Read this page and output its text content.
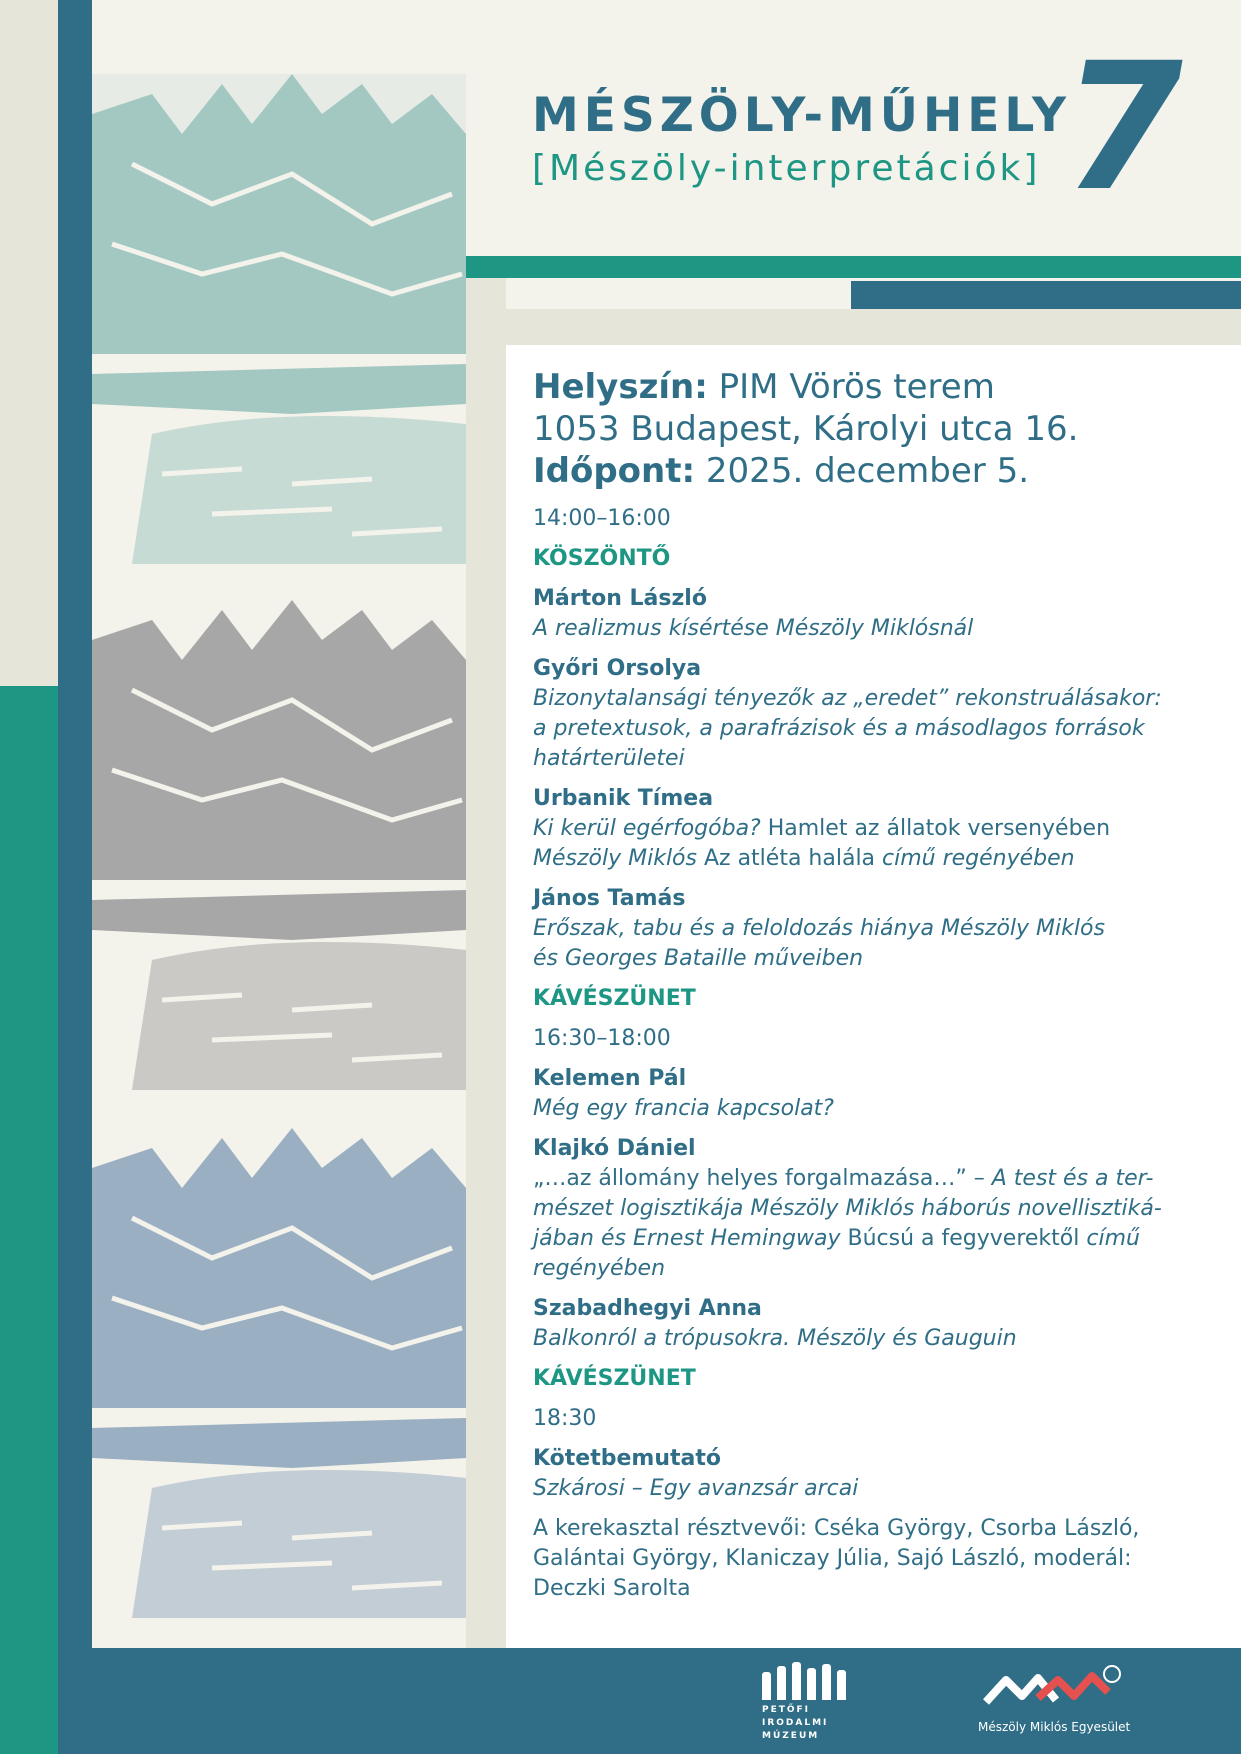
MÉSZÖLY-MŰHELY
[Mészöly-interpretációk] 7
Helyszín: PIM Vörös terem
1053 Budapest, Károlyi utca 16.
Időpont: 2025. december 5.
14:00–16:00
KÖSZÖNTŐ
Márton László
A realizmus kísértése Mészöly Miklósnál
Győri Orsolya
Bizonytalansági tényezők az „eredet” rekonstruálásakor:
a pretextusok, a parafrázisok és a másodlagos források
határterületei
Urbanik Tímea
Ki kerül egérfogóba? Hamlet az állatok versenyében
Mészöly Miklós Az atléta halála című regényében
János Tamás
Erőszak, tabu és a feloldozás hiánya Mészöly Miklós
és Georges Bataille műveiben
KÁVÉSZÜNET
16:30–18:00
Kelemen Pál
Még egy francia kapcsolat?
Klajkó Dániel
„…az állomány helyes forgalmazása…” – A test és a ter-
mészet logisztikája Mészöly Miklós háborús novellisztiká-
jában és Ernest Hemingway Búcsú a fegyverektől című
regényében
Szabadhegyi Anna
Balkonról a trópusokra. Mészöly és Gauguin
KÁVÉSZÜNET
18:30
Kötetbemutató
Szkárosi – Egy avanzsár arcai
A kerekasztal résztvevői: Cséka György, Csorba László,
Galántai György, Klaniczay Júlia, Sajó László, moderál:
Deczki Sarolta
PETŐFI
IRODALMI
MÚZEUM
Mészöly Miklós Egyesület
